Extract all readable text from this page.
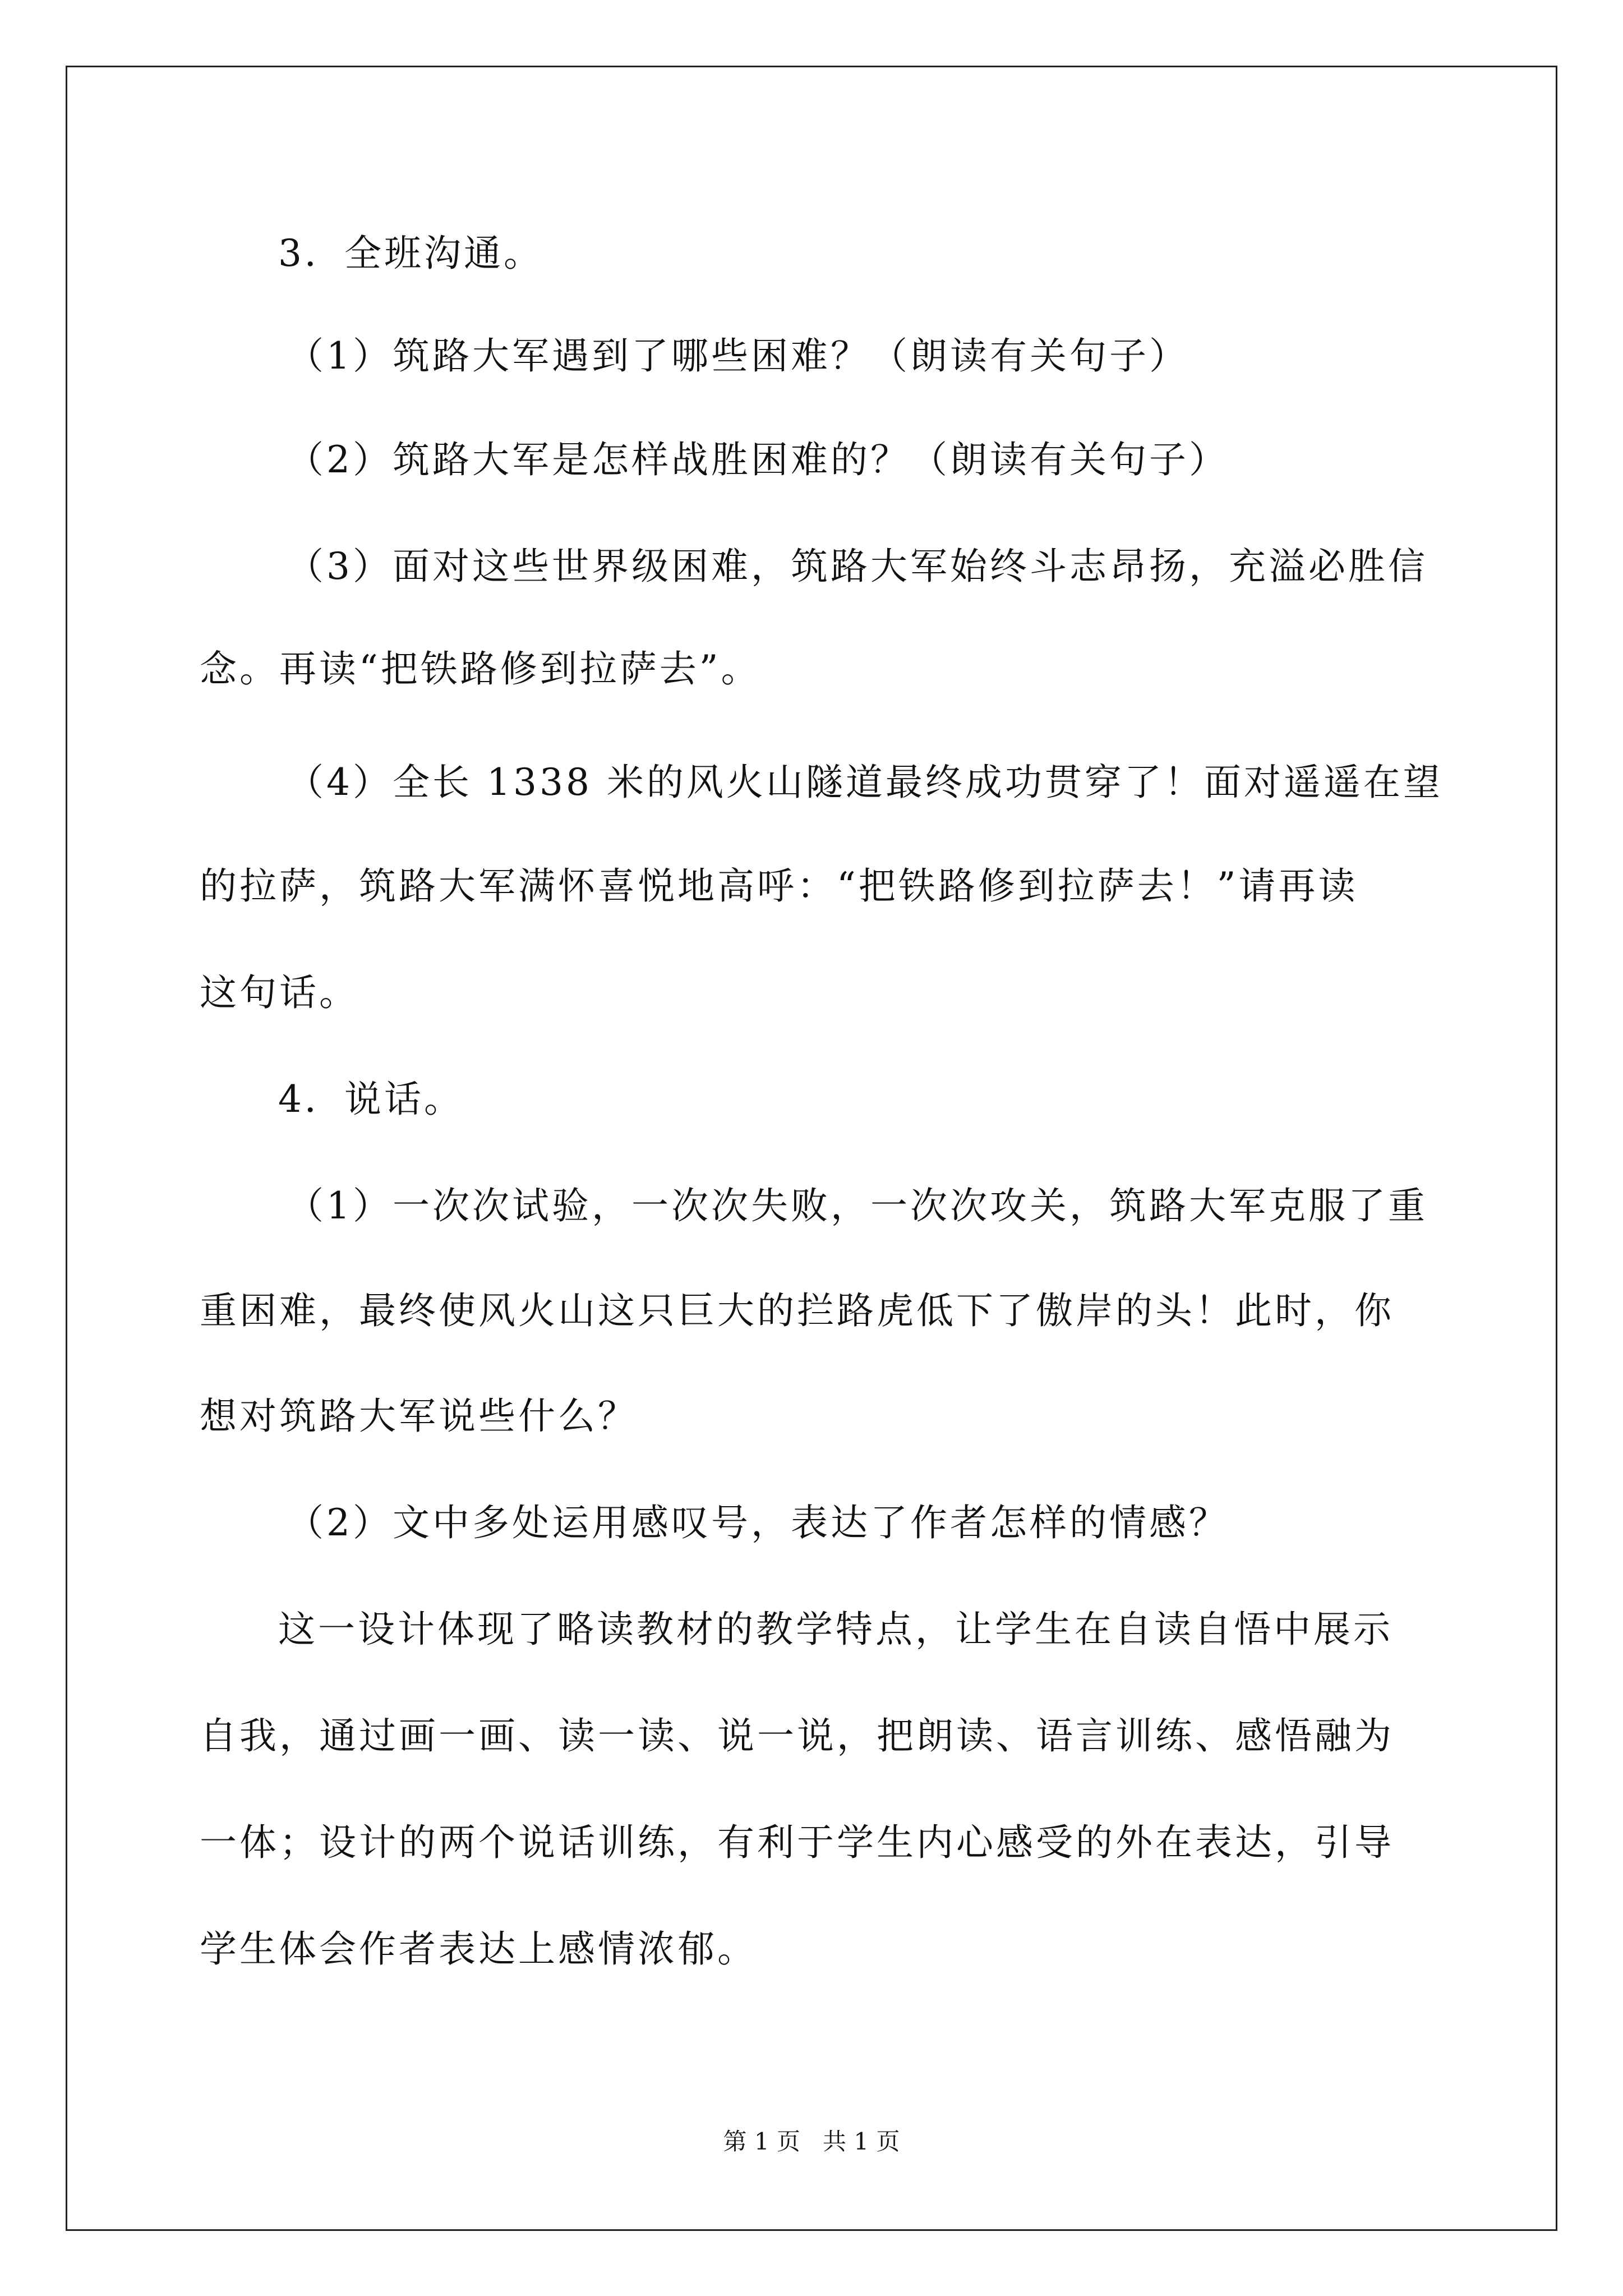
3．全班沟通。
（1）筑路大军遇到了哪些困难？（朗读有关句子）
（2）筑路大军是怎样战胜困难的？（朗读有关句子）
（3）面对这些世界级困难，筑路大军始终斗志昂扬，充溢必胜信
念。再读“把铁路修到拉萨去”。
（4）全长 1338 米的风火山隧道最终成功贯穿了！面对遥遥在望
的拉萨，筑路大军满怀喜悦地高呼：“把铁路修到拉萨去！”请再读
这句话。
4．说话。
（1）一次次试验，一次次失败，一次次攻关，筑路大军克服了重
重困难，最终使风火山这只巨大的拦路虎低下了傲岸的头！此时，你
想对筑路大军说些什么？
（2）文中多处运用感叹号，表达了作者怎样的情感？
这一设计体现了略读教材的教学特点，让学生在自读自悟中展示
自我，通过画一画、读一读、说一说，把朗读、语言训练、感悟融为
一体；设计的两个说话训练，有利于学生内心感受的外在表达，引导
学生体会作者表达上感情浓郁。
第 1 页   共 1 页
